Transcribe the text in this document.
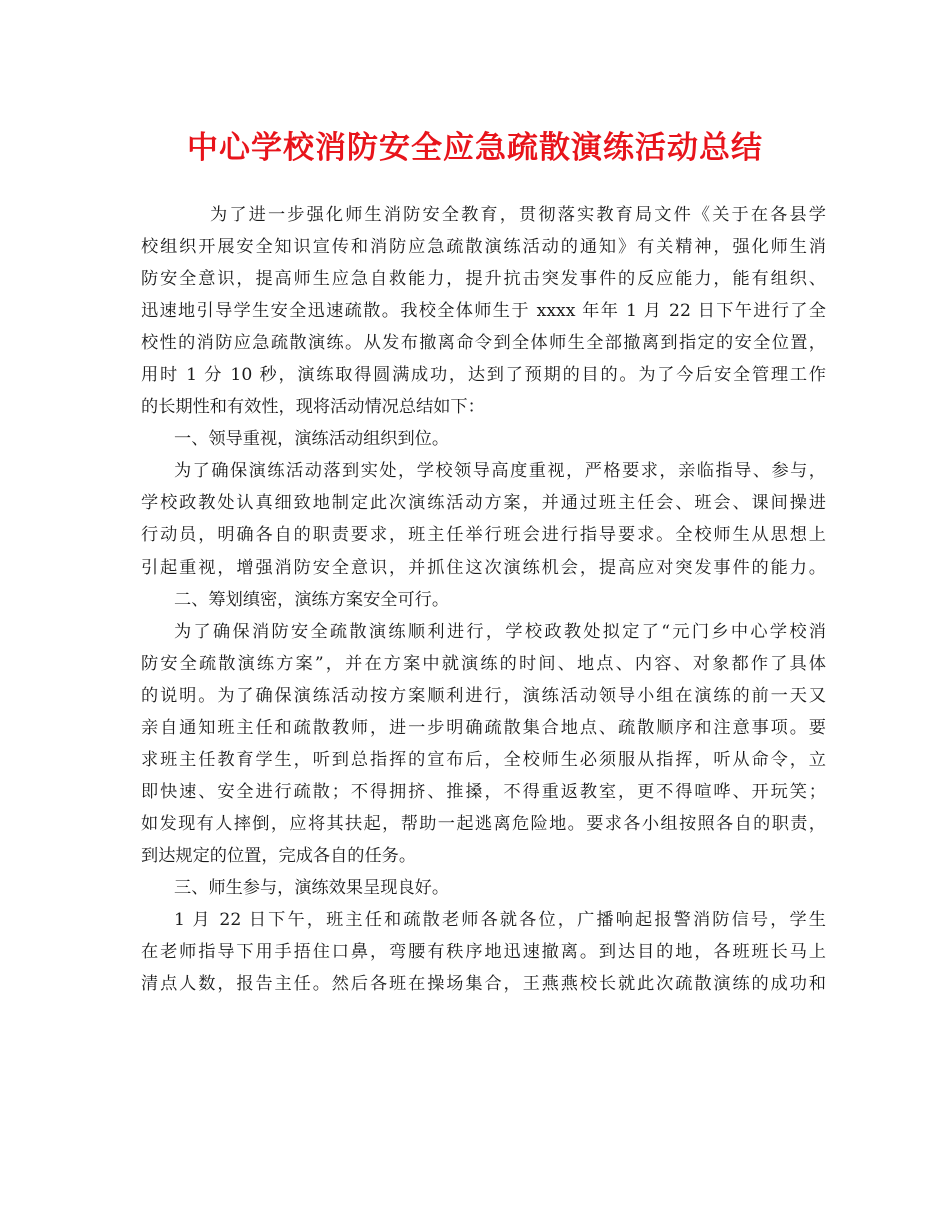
中心学校消防安全应急疏散演练活动总结
为了进一步强化师生消防安全教育，贯彻落实教育局文件《关于在各县学
校组织开展安全知识宣传和消防应急疏散演练活动的通知》有关精神，强化师生消
防安全意识，提高师生应急自救能力，提升抗击突发事件的反应能力，能有组织、
迅速地引导学生安全迅速疏散。我校全体师生于 xxxx 年年 1 月 22 日下午进行了全
校性的消防应急疏散演练。从发布撤离命令到全体师生全部撤离到指定的安全位置，
用时 1 分 10 秒，演练取得圆满成功，达到了预期的目的。为了今后安全管理工作
的长期性和有效性，现将活动情况总结如下：
一、领导重视，演练活动组织到位。
为了确保演练活动落到实处，学校领导高度重视，严格要求，亲临指导、参与，
学校政教处认真细致地制定此次演练活动方案，并通过班主任会、班会、课间操进
行动员，明确各自的职责要求，班主任举行班会进行指导要求。全校师生从思想上
引起重视，增强消防安全意识，并抓住这次演练机会，提高应对突发事件的能力。
二、筹划缜密，演练方案安全可行。
为了确保消防安全疏散演练顺利进行，学校政教处拟定了“元门乡中心学校消
防安全疏散演练方案”，并在方案中就演练的时间、地点、内容、对象都作了具体
的说明。为了确保演练活动按方案顺利进行，演练活动领导小组在演练的前一天又
亲自通知班主任和疏散教师，进一步明确疏散集合地点、疏散顺序和注意事项。要
求班主任教育学生，听到总指挥的宣布后，全校师生必须服从指挥，听从命令，立
即快速、安全进行疏散；不得拥挤、推搡，不得重返教室，更不得喧哗、开玩笑；
如发现有人摔倒，应将其扶起，帮助一起逃离危险地。要求各小组按照各自的职责，
到达规定的位置，完成各自的任务。
三、师生参与，演练效果呈现良好。
1 月 22 日下午，班主任和疏散老师各就各位，广播响起报警消防信号，学生
在老师指导下用手捂住口鼻，弯腰有秩序地迅速撤离。到达目的地，各班班长马上
清点人数，报告主任。然后各班在操场集合，王燕燕校长就此次疏散演练的成功和
